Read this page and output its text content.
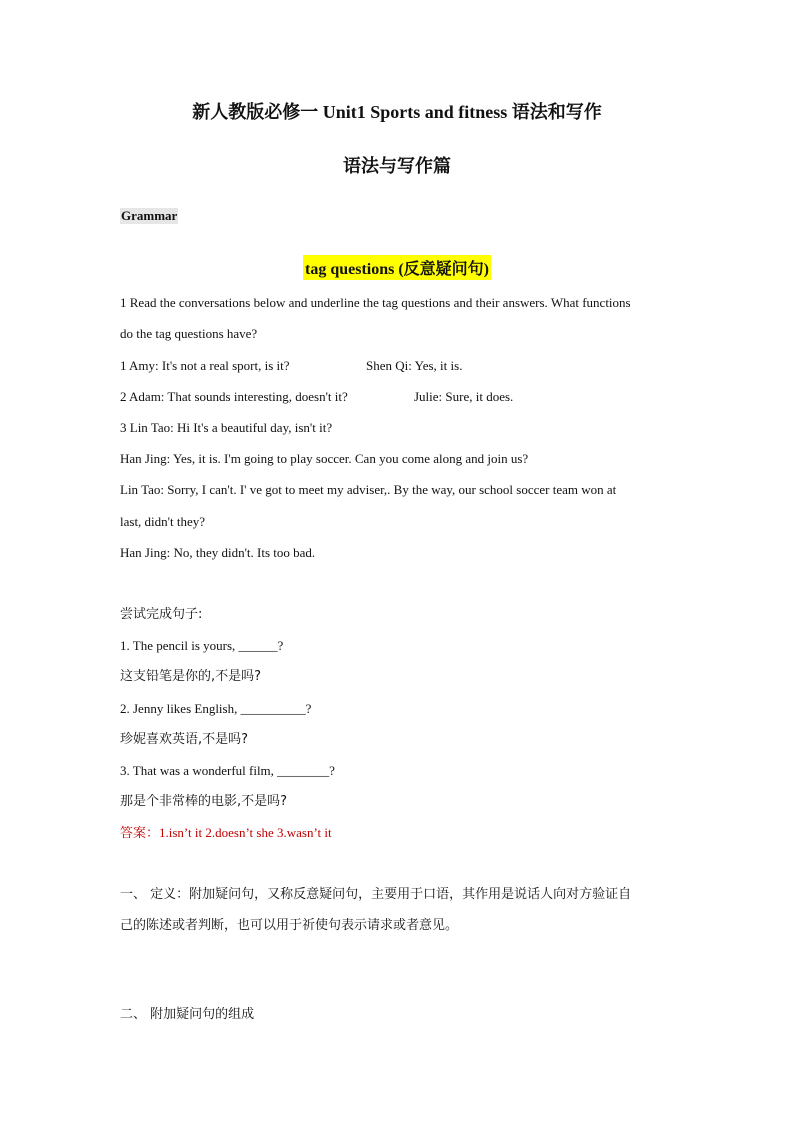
新人教版必修一 Unit1 Sports and fitness 语法和写作
语法与写作篇
Grammar
tag questions (反意疑问句)
1 Read the conversations below and underline the tag questions and their answers. What functions
do the tag questions have?
1 Amy: It's not a real sport, is it?	Shen Qi: Yes, it is.
2 Adam: That sounds interesting, doesn't it?	Julie: Sure, it does.
3 Lin Tao: Hi It's a beautiful day, isn't it?
Han Jing: Yes, it is. I'm going to play soccer. Can you come along and join us?
Lin Tao: Sorry, I can't. I' ve got to meet my adviser,. By the way, our school soccer team won at
last, didn't they?
Han Jing: No, they didn't. Its too bad.
尝试完成句子:
1. The pencil is yours, ______?
这支铅笔是你的,不是吗?
2. Jenny likes English, __________?
珍妮喜欢英语,不是吗?
3. That was a wonderful film, ________?
那是个非常棒的电影,不是吗?
答案：1.isn’t it 2.doesn’t she 3.wasn’t it
一、 定义：附加疑问句，又称反意疑问句，主要用于口语，其作用是说话人向对方验证自
己的陈述或者判断，也可以用于祈使句表示请求或者意见。
二、 附加疑问句的组成
